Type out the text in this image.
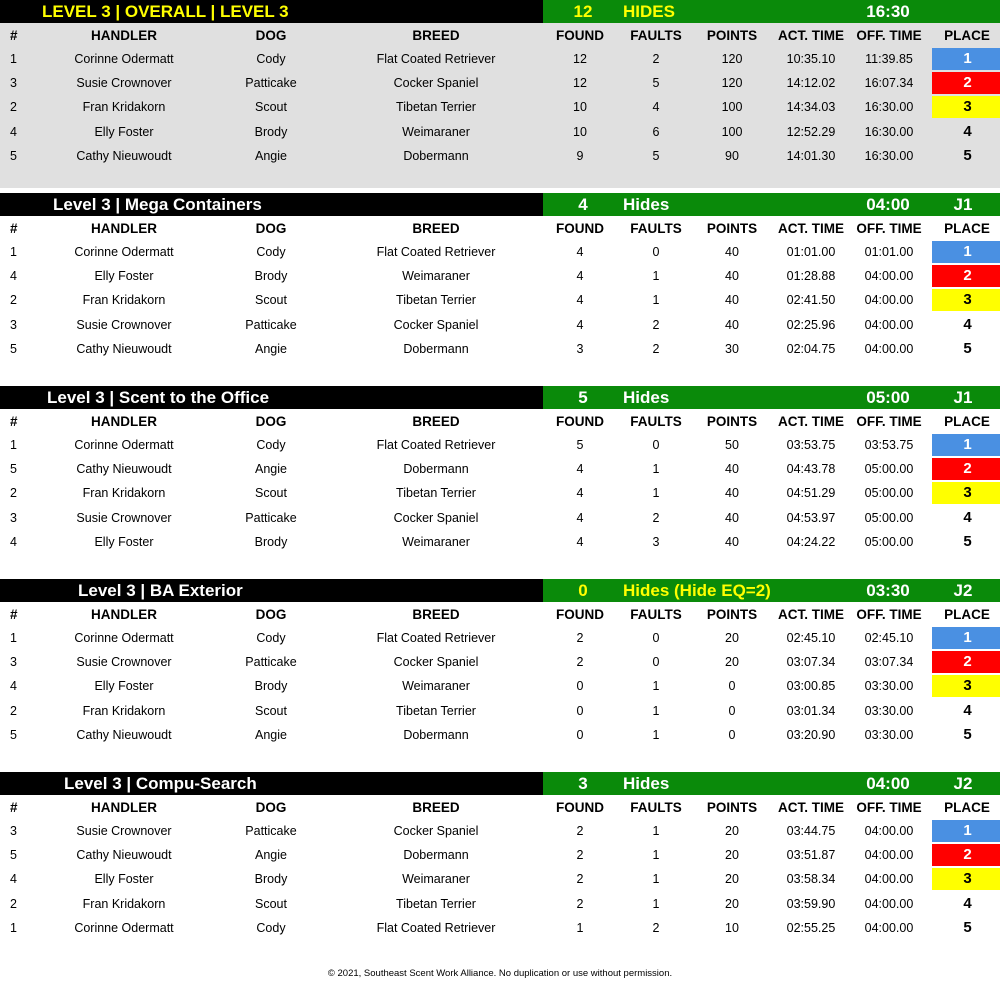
LEVEL 3 | OVERALL | LEVEL 3	12	HIDES	16:30
#	HANDLER	DOG	BREED	FOUND	FAULTS	POINTS	ACT. TIME	OFF. TIME	PLACE
1	Corinne Odermatt	Cody	Flat Coated Retriever	12	2	120	10:35.10	11:39.85	1

3	Susie Crownover	Patticake	Cocker Spaniel	12	5	120	14:12.02	16:07.34	2

2	Fran Kridakorn	Scout	Tibetan Terrier	10	4	100	14:34.03	16:30.00	3

4	Elly Foster	Brody	Weimaraner	10	6	100	12:52.29	16:30.00	4

5	Cathy Nieuwoudt	Angie	Dobermann	9	5	90	14:01.30	16:30.00	5
Level 3 | Mega Containers	4	Hides	04:00	J1
#	HANDLER	DOG	BREED	FOUND	FAULTS	POINTS	ACT. TIME	OFF. TIME	PLACE
1	Corinne Odermatt	Cody	Flat Coated Retriever	4	0	40	01:01.00	01:01.00	1

4	Elly Foster	Brody	Weimaraner	4	1	40	01:28.88	04:00.00	2

2	Fran Kridakorn	Scout	Tibetan Terrier	4	1	40	02:41.50	04:00.00	3

3	Susie Crownover	Patticake	Cocker Spaniel	4	2	40	02:25.96	04:00.00	4

5	Cathy Nieuwoudt	Angie	Dobermann	3	2	30	02:04.75	04:00.00	5
Level 3 | Scent to the Office	5	Hides	05:00	J1
#	HANDLER	DOG	BREED	FOUND	FAULTS	POINTS	ACT. TIME	OFF. TIME	PLACE
1	Corinne Odermatt	Cody	Flat Coated Retriever	5	0	50	03:53.75	03:53.75	1

5	Cathy Nieuwoudt	Angie	Dobermann	4	1	40	04:43.78	05:00.00	2

2	Fran Kridakorn	Scout	Tibetan Terrier	4	1	40	04:51.29	05:00.00	3

3	Susie Crownover	Patticake	Cocker Spaniel	4	2	40	04:53.97	05:00.00	4

4	Elly Foster	Brody	Weimaraner	4	3	40	04:24.22	05:00.00	5
Level 3 | BA Exterior	0	Hides (Hide EQ=2)	03:30	J2
#	HANDLER	DOG	BREED	FOUND	FAULTS	POINTS	ACT. TIME	OFF. TIME	PLACE
1	Corinne Odermatt	Cody	Flat Coated Retriever	2	0	20	02:45.10	02:45.10	1

3	Susie Crownover	Patticake	Cocker Spaniel	2	0	20	03:07.34	03:07.34	2

4	Elly Foster	Brody	Weimaraner	0	1	0	03:00.85	03:30.00	3

2	Fran Kridakorn	Scout	Tibetan Terrier	0	1	0	03:01.34	03:30.00	4

5	Cathy Nieuwoudt	Angie	Dobermann	0	1	0	03:20.90	03:30.00	5
Level 3 | Compu-Search	3	Hides	04:00	J2
#	HANDLER	DOG	BREED	FOUND	FAULTS	POINTS	ACT. TIME	OFF. TIME	PLACE
3	Susie Crownover	Patticake	Cocker Spaniel	2	1	20	03:44.75	04:00.00	1

5	Cathy Nieuwoudt	Angie	Dobermann	2	1	20	03:51.87	04:00.00	2

4	Elly Foster	Brody	Weimaraner	2	1	20	03:58.34	04:00.00	3

2	Fran Kridakorn	Scout	Tibetan Terrier	2	1	20	03:59.90	04:00.00	4

1	Corinne Odermatt	Cody	Flat Coated Retriever	1	2	10	02:55.25	04:00.00	5
© 2021, Southeast Scent Work Alliance. No duplication or use without permission.
